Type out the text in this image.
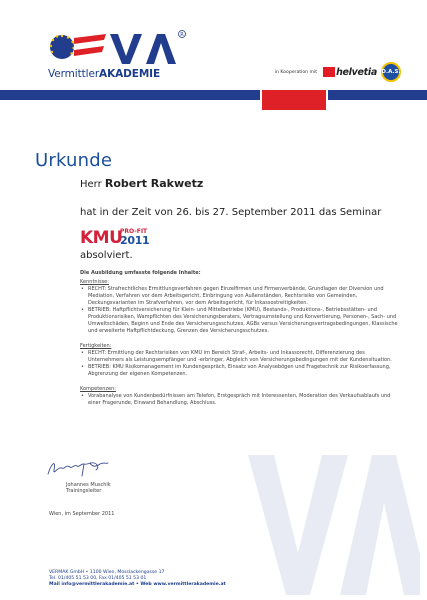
R
VermittlerAKADEMIE	in Kooperation mit	helvetia D.A.S.
Urkunde
Herr Robert Rakwetz
hat in der Zeit von 26. bis 27. September 2011 das Seminar
KMU
PRO-FIT
2011
absolviert.
Die Ausbildung umfasste folgende Inhalte:
Kenntnisse:
• RECHT: Strafrechtliches Ermittlungsverfahren gegen Einzelfirmen und Firmenverbände, Grundlagen der Diversion und Mediation, Verfahren vor dem Arbeitsgericht, Einbringung von Außenständen, Rechtsrisiko von Gemeinden, Deckungsvarianten im Strafverfahren, vor dem Arbeitsgericht, für Inkassostreitigkeiten.
• BETRIEB: Haftpflichtversicherung für Klein- und Mittelbetriebe (KMU), Bestands-, Produktions-, Betriebsstätten- und Produktionsrisiken, Wampflichten des Versicherungsberaters, Vertragsumstellung und Konvertierung, Personen-, Sach- und Umweltschäden, Beginn und Ende des Versicherungsschutzes, AGBs versus Versicherungsvertragsbedingungen, Klassische und erweiterte Haftpflichtdeckung, Grenzen des Versicherungsschutzes.
Fertigkeiten:
• RECHT: Ermittlung der Rechtsrisiken von KMU im Bereich Straf-, Arbeits- und Inkassorecht, Differenzierung des Unternehmers als Leistungsempfänger und -erbringer, Abgleich von Versicherungsbedingungen mit der Kundensituation.
• BETRIEB: KMU Risikomanagement im Kundengespräch, Einsatz von Analysebögen und Fragetechnik zur Risikoerfassung, Abgrenzung der eigenen Kompetenzen.
Kompetenzen:
• Vorabanalyse von Kundenbedürfnissen am Telefon, Erstgespräch mit Interessenten, Moderation des Verkaufsablaufs und einer Fragerunde, Einwand Behandlung, Abschluss.
Johannes Muschik
Trainingsleiter
Wien, im September 2011
VERMAK GmbH • 1100 Wien, Mosslackengasse 17
Tel. 01/405 51 53 00, Fax 01/405 51 53 01
Mail info@vermittlerakademie.at • Web www.vermittlerakademie.at
